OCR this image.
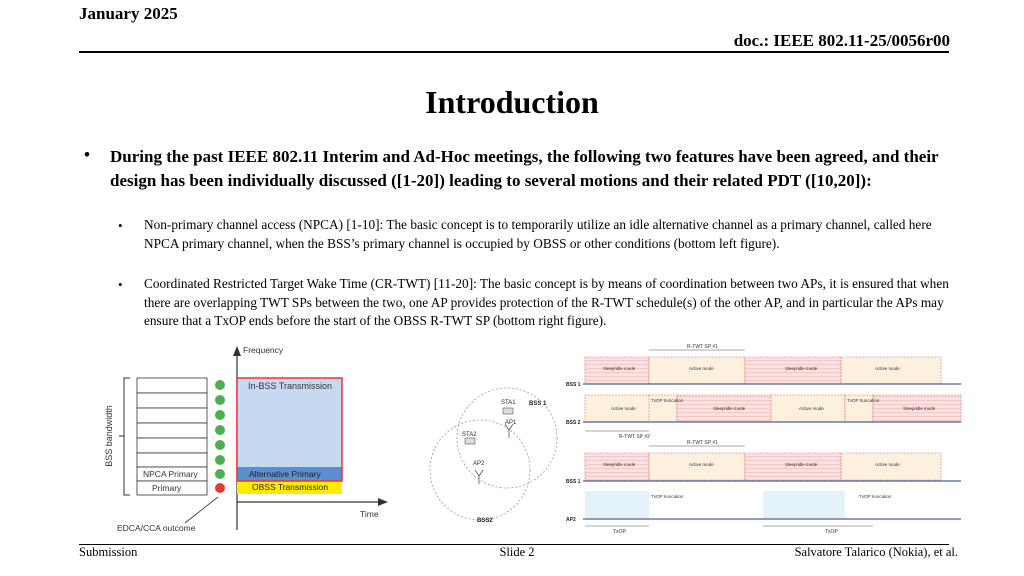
January 2025
doc.: IEEE 802.11-25/0056r00
Introduction
• During the past IEEE 802.11 Interim and Ad-Hoc meetings, the following two features have been agreed, and their design has been individually discussed ([1-20]) leading to several motions and their related PDT ([10,20]):
• Non-primary channel access (NPCA) [1-10]: The basic concept is to temporarily utilize an idle alternative channel as a primary channel, called here NPCA primary channel, when the BSS’s primary channel is occupied by OBSS or other conditions (bottom left figure).
• Coordinated Restricted Target Wake Time (CR-TWT) [11-20]: The basic concept is by means of coordination between two APs, it is ensured that when there are overlapping TWT SPs between the two, one AP provides protection of the R-TWT schedule(s) of the other AP, and in particular the APs may ensure that a TxOP ends before the start of the OBSS R-TWT SP (bottom right figure).
Frequency
Time
NPCA Primary
Primary
BSS bandwidth
In-BSS Transmission
Alternative Primary
OBSS Transmission
EDCA/CCA outcome
STA1 BSS 1
AP1
STA2
AP2
BSS2
R-TWT SP #1
Sleep/idle mode	Active mode	Sleep/idle mode	Active mode
BSS 1
Active mode
TxOP truncation
Sleep/idle mode	Active mode
TxOP truncation
Sleep/idle mode
BSS 2
R-TWT SP #2
R-TWT SP #1
Sleep/idle mode	Active mode	Sleep/idle mode	Active mode
BSS 1
TxOP truncation	TxOP truncation
AP2
TxOP	TxOP
Submission	Slide 2	Salvatore Talarico (Nokia), et al.
